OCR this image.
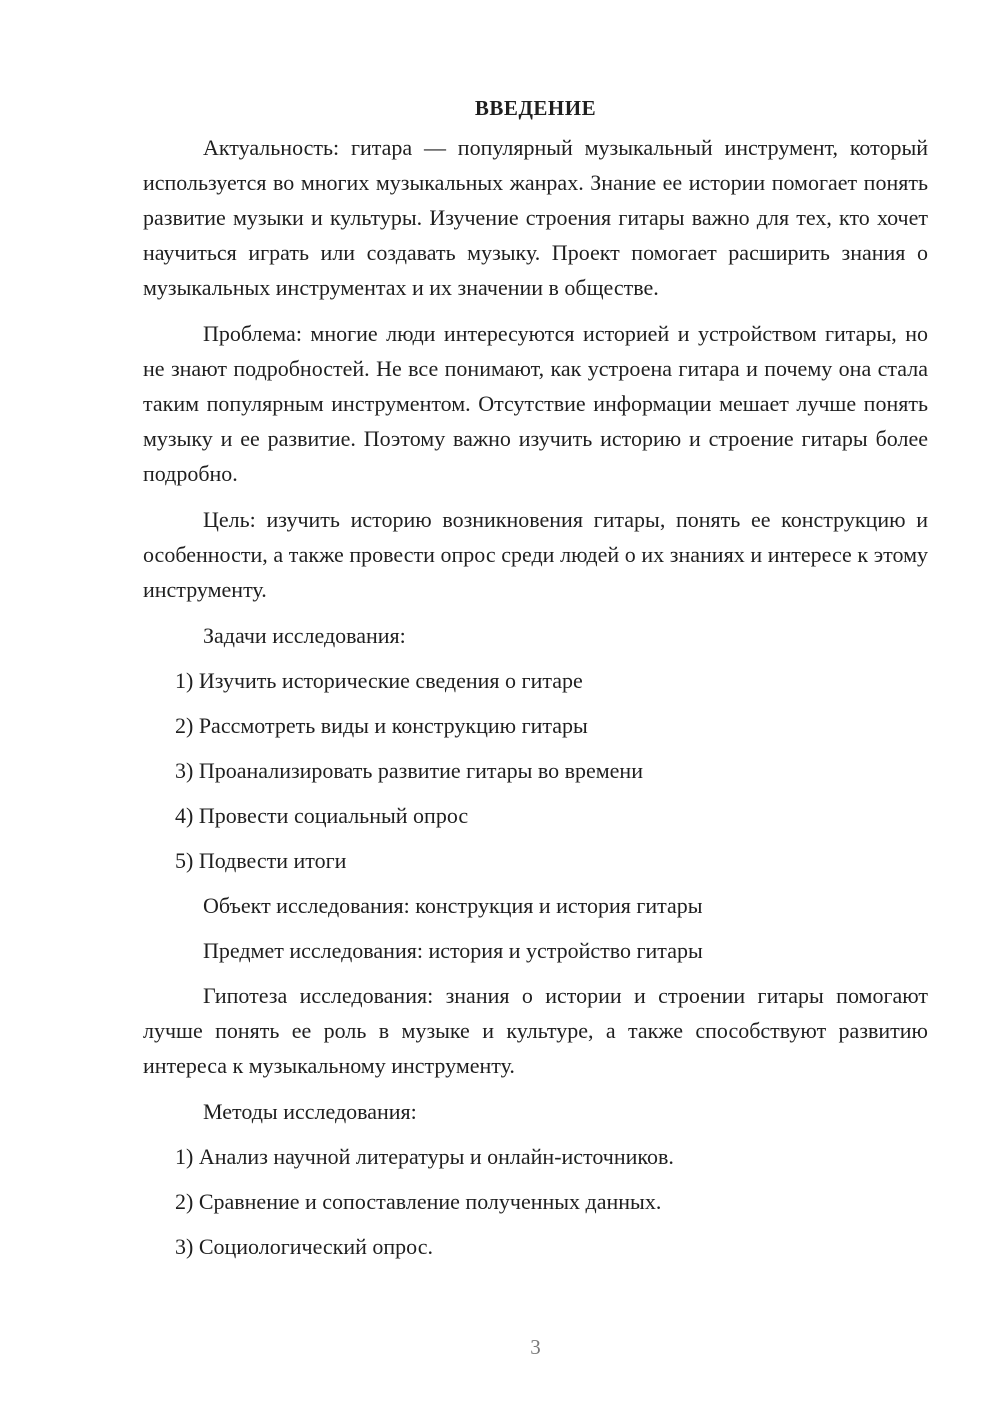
ВВЕДЕНИЕ

Актуальность: гитара — популярный музыкальный инструмент, который используется во многих музыкальных жанрах. Знание ее истории помогает понять развитие музыки и культуры. Изучение строения гитары важно для тех, кто хочет научиться играть или создавать музыку. Проект помогает расширить знания о музыкальных инструментах и их значении в обществе.

Проблема: многие люди интересуются историей и устройством гитары, но не знают подробностей. Не все понимают, как устроена гитара и почему она стала таким популярным инструментом. Отсутствие информации мешает лучше понять музыку и ее развитие. Поэтому важно изучить историю и строение гитары более подробно.

Цель: изучить историю возникновения гитары, понять ее конструкцию и особенности, а также провести опрос среди людей о их знаниях и интересе к этому инструменту.

Задачи исследования:
1) Изучить исторические сведения о гитаре
2) Рассмотреть виды и конструкцию гитары
3) Проанализировать развитие гитары во времени
4) Провести социальный опрос
5) Подвести итоги
Объект исследования: конструкция и история гитары
Предмет исследования: история и устройство гитары

Гипотеза исследования: знания о истории и строении гитары помогают лучше понять ее роль в музыке и культуре, а также способствуют развитию интереса к музыкальному инструменту.

Методы исследования:
1) Анализ научной литературы и онлайн-источников.
2) Сравнение и сопоставление полученных данных.
3) Социологический опрос.
3
